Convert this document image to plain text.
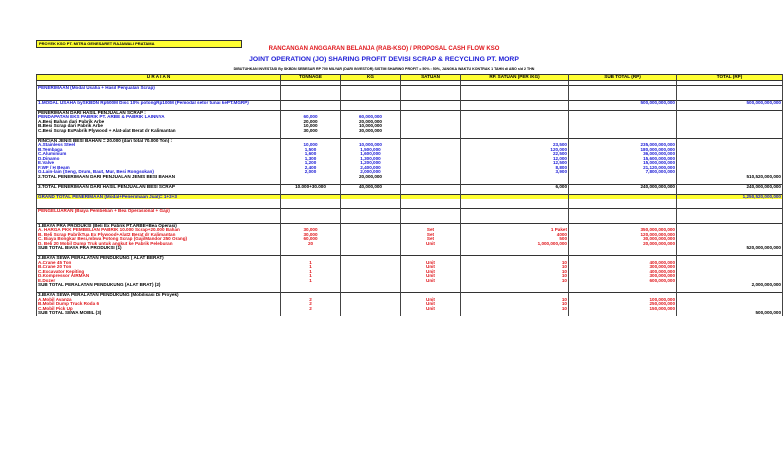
PROYEK KSO PT. MITRA GENESARET RAJAWALI PRATAMA
RANCANGAN ANGGARAN BELANJA (RAB-KSO) / PROPOSAL CASH FLOW KSO
JOINT OPERATION (JO) SHARING PROFIT DEVISI SCRAP & RECYCLING PT. MORP
DIBUTUHKAN INVESTASI By SKBDN SEBESAR RP 700 MILYAR (DARI INVESTOR) SISTIM SHARING PROFIT = 50% : 50%, JANGKA WAKTU KONTRAK 1 TAHN di ABO s/d 2 THN
U R A I A N	TONNAGE	KG	SATUAN	RP. SATUAN (PER /KG)	SUB TOTAL (RP)	TOTAL (RP)

PENERIMAAN (Modal Usaha + Hasil Penjualan Scrap)						

1.MODAL USAHA bySKBDN Rp500M Disc 10% potongRp100M (Pemodal setor tunai kePT.MGRP)					500,000,000,000	500,000,000,000

PENERIMAAN DARI HASIL PENJUALAN SCRAP :						
PENDAPATAN EKS PABRIK PT. ARBE & PABRIK LAINNYA	60,000	60,000,000				
A.Besi Bahan dari Pabrik Arbe	20,000	20,000,000				
B.Besi Scrap dari Pabrik Arbe	10,000	10,000,000				
C.Besi Scrap ExPabrik Plywood + Alat-alat Berat dr Kalimantan	30,000	30,000,000				

RINCIAN JENIS BESI BAHAN = 20.000 (dari total 70.000 Ton) :						
A.Stainless Steel	10,000	10,000,000		23,500	235,000,000,000	
B.Tembaga	1,500	1,500,000		120,000	180,000,000,000	
C.Aluminium	1,600	1,600,000		22,500	36,000,000,000	
D.Dinamo	1,300	1,300,000		12,000	15,600,000,000	
E.Valve	1,200	1,200,000		12,500	15,000,000,000	
F.WF / H Beam	2,400	2,400,000		8,800	21,120,000,000	
G.Lain-lain (Seng, Drum, Baut, Mur, Besi Rongsokan)	2,000	2,000,000		3,900	7,800,000,000	
2.TOTAL PENERIMAAN DARI PENJUALAN JENIS BESI BAHAN		20,000,000				510,520,000,000

3.TOTAL PENERIMAAN DARI HASIL PENJUALAN BESI SCRAP	10.000+30.000	40,000,000		6,000	240,000,000,000	240,000,000,000

GRAND TOTAL PENERIMAAN (Modal+Penerimaan Jual)= 1+2+3						1,250,520,000,000

PENGELUARAN (Biaya Pembelian + Bea Operasional + Gaji)						

1.BIAYA PRA PRODUKSI (Beli Ex Pabrik PT.ARBE+Bea Operasi)						
A. HARGA PKK PEMBELIAN PABRIK 10.000 Scrap+20.000 Bahan	30,000		Set	1 Paket	350,000,000,000	
B. Beli Scrap PabrikTua Ex Plywood+Alat2 Berat dr Kalimantan	30,000		Set	4000	120,000,000,000	
C. Biaya Bongkar Besi,mbwa Potong Scrap (Gaji/Mandor 250 Orang)	60,000		Set	500	30,000,000,000	
D. Beli 20 Mobil Dump Truk untuk angkut ke Pabrik Peleburan	20		Unit	1,000,000,000	20,000,000,000	
SUB TOTAL BIAYA PRA PRODUKSI (1)						520,000,000,000

2.BIAYA SEWA PERALATAN PENDUKUNG ( ALAT BERAT)						
A.Crane 45 Ton	1		Unit	10	400,000,000	
B.Crane 20 Ton	1		Unit	10	300,000,000	
C.Excavator Kepiting	1		Unit	10	400,000,000	
D.Kompressor AIRMAN	1		Unit	10	300,000,000	
E.Dozer	1		Unit	10	600,000,000	
SUB TOTAL PERALATAN PENDUKUNG (ALAT BRAT) (2)						2,000,000,000

3.BIAYA SEWA PERALATAN PENDUKUNG (Mobilisasi Di Proyek)						
A.Mobil Avanza	2		Unit	10	100,000,000	
B.Mobil Dump Truck Roda 6	2		Unit	10	250,000,000	
C.Mobil Pick Up	2		Unit	10	150,000,000	
SUB TOTAL SEWA MOBIL (3)						500,000,000
